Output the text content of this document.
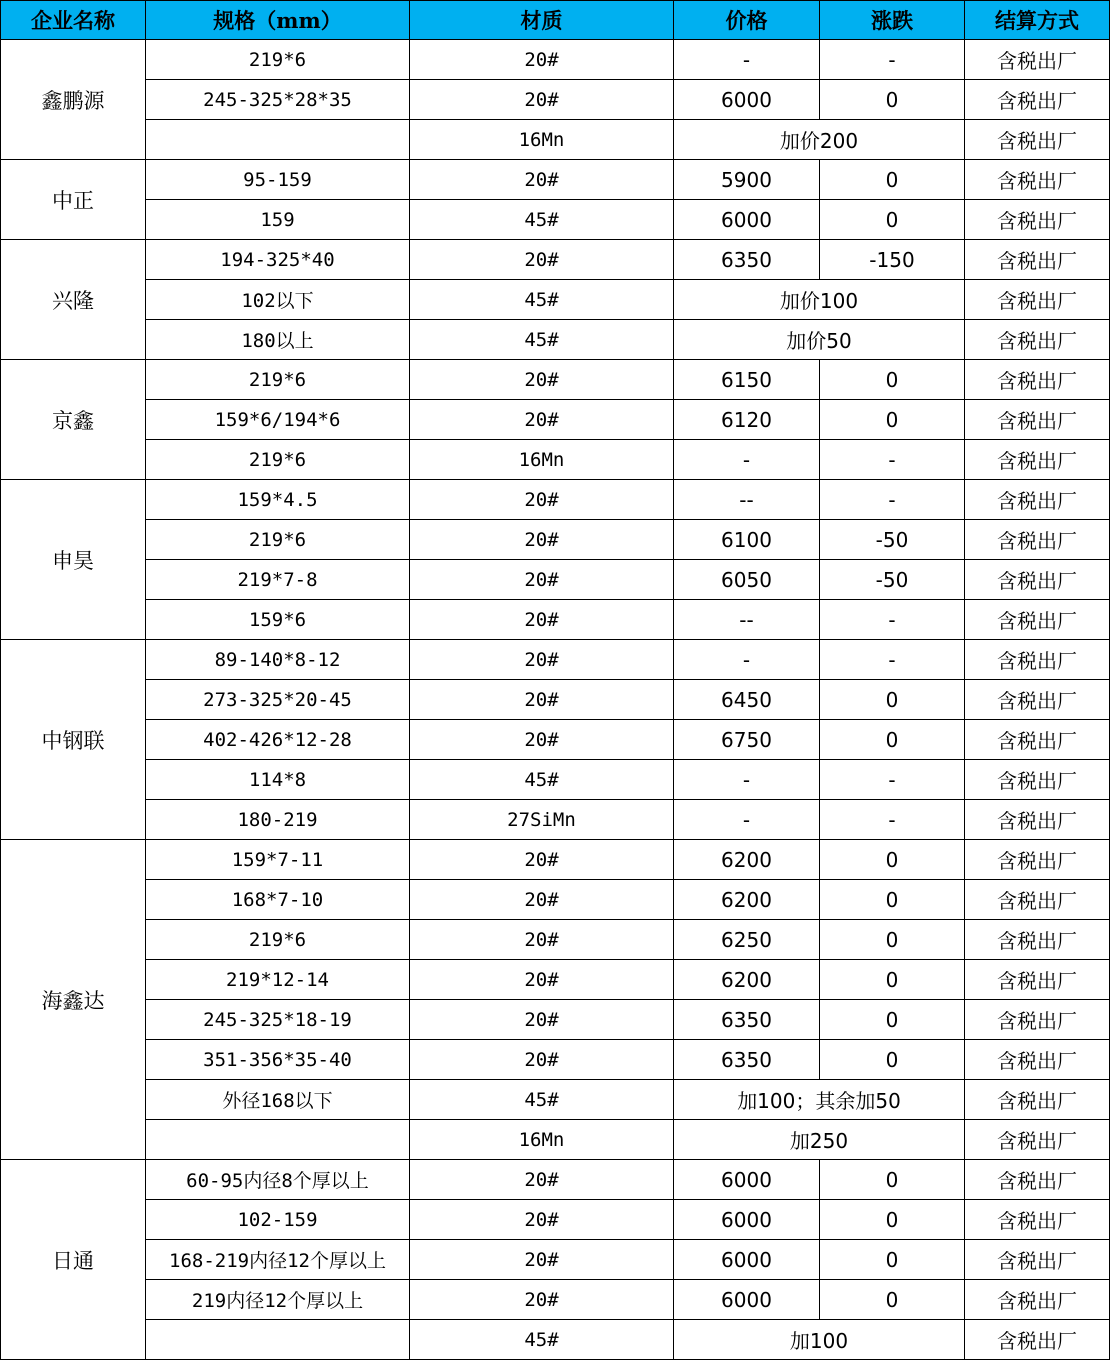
企业名称	规格（mm）	材质	价格	涨跌	结算方式
鑫鹏源	219*6	20#	-	-	含税出厂
	245-325*28*35	20#	6000	0	含税出厂
		16Mn	加价200		含税出厂
中正	95-159	20#	5900	0	含税出厂
	159	45#	6000	0	含税出厂
兴隆	194-325*40	20#	6350	-150	含税出厂
	102以下	45#	加价100		含税出厂
	180以上	45#	加价50		含税出厂
京鑫	219*6	20#	6150	0	含税出厂
	159*6/194*6	20#	6120	0	含税出厂
	219*6	16Mn	-	-	含税出厂
申昊	159*4.5	20#	--	-	含税出厂
	219*6	20#	6100	-50	含税出厂
	219*7-8	20#	6050	-50	含税出厂
	159*6	20#	--	-	含税出厂
中钢联	89-140*8-12	20#	-	-	含税出厂
	273-325*20-45	20#	6450	0	含税出厂
	402-426*12-28	20#	6750	0	含税出厂
	114*8	45#	-	-	含税出厂
	180-219	27SiMn	-	-	含税出厂
海鑫达	159*7-11	20#	6200	0	含税出厂
	168*7-10	20#	6200	0	含税出厂
	219*6	20#	6250	0	含税出厂
	219*12-14	20#	6200	0	含税出厂
	245-325*18-19	20#	6350	0	含税出厂
	351-356*35-40	20#	6350	0	含税出厂
	外径168以下	45#	加100；其余加50		含税出厂
		16Mn	加250		含税出厂
日通	60-95内径8个厚以上	20#	6000	0	含税出厂
	102-159	20#	6000	0	含税出厂
	168-219内径12个厚以上	20#	6000	0	含税出厂
	219内径12个厚以上	20#	6000	0	含税出厂
		45#	加100		含税出厂
